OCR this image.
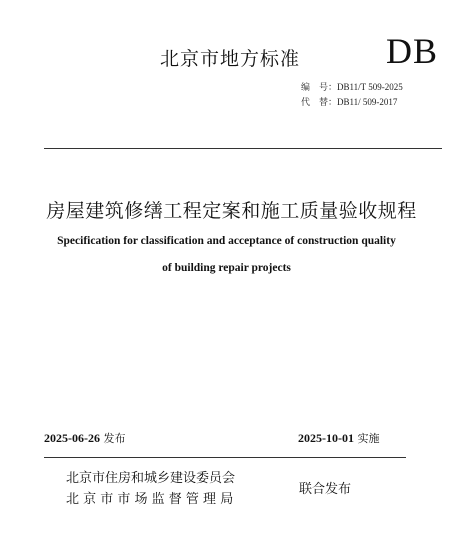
北京市地方标准 DB
编　号：DB11/T 509-2025
代　替：DB11/ 509-2017
房屋建筑修缮工程定案和施工质量验收规程
Specification for classification and acceptance of construction quality
of building repair projects
2025-06-26 发布	2025-10-01 实施
北京市住房和城乡建设委员会
北 京 市 市 场 监 督 管 理 局
联合发布
